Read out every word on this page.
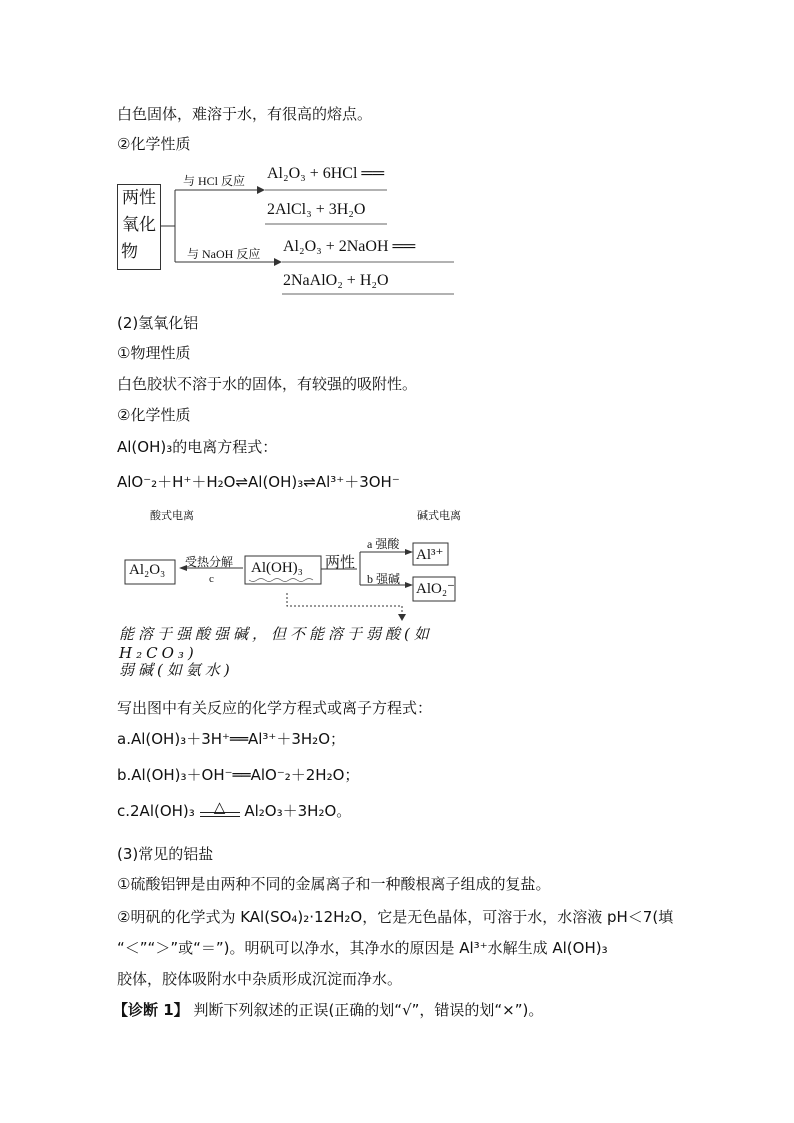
白色固体，难溶于水，有很高的熔点。
②化学性质
两性
氧化
物
与 HCl 反应 Al₂O₃ + 6HCl ══
2AlCl₃ + 3H₂O
与 NaOH 反应 Al₂O₃ + 2NaOH ══
2NaAlO₂ + H₂O
(2)氢氧化铝
①物理性质
白色胶状不溶于水的固体，有较强的吸附性。
②化学性质
Al(OH)₃的电离方程式：
AlO⁻₂＋H⁺＋H₂O⇌Al(OH)₃⇌Al³⁺＋3OH⁻
酸式电离	碱式电离
Al₂O₃ 受热分解
c
Al(OH)₃ 两性
a 强酸
b 强碱
Al³⁺
AlO₂⁻
能溶于强酸强碱，但不能溶于弱酸(如 H₂CO₃)
弱碱(如氨水)
写出图中有关反应的化学方程式或离子方程式：
a.Al(OH)₃＋3H⁺══Al³⁺＋3H₂O；
b.Al(OH)₃＋OH⁻══AlO⁻₂＋2H₂O；
c.2Al(OH)₃	△	Al₂O₃＋3H₂O。
(3)常见的铝盐
①硫酸铝钾是由两种不同的金属离子和一种酸根离子组成的复盐。
②明矾的化学式为 KAl(SO₄)₂·12H₂O，它是无色晶体，可溶于水，水溶液 pH＜7(填
“＜”“＞”或“＝”)。明矾可以净水，其净水的原因是 Al³⁺水解生成 Al(OH)₃
胶体，胶体吸附水中杂质形成沉淀而净水。
【诊断 1】 判断下列叙述的正误(正确的划“√”，错误的划“×”)。
